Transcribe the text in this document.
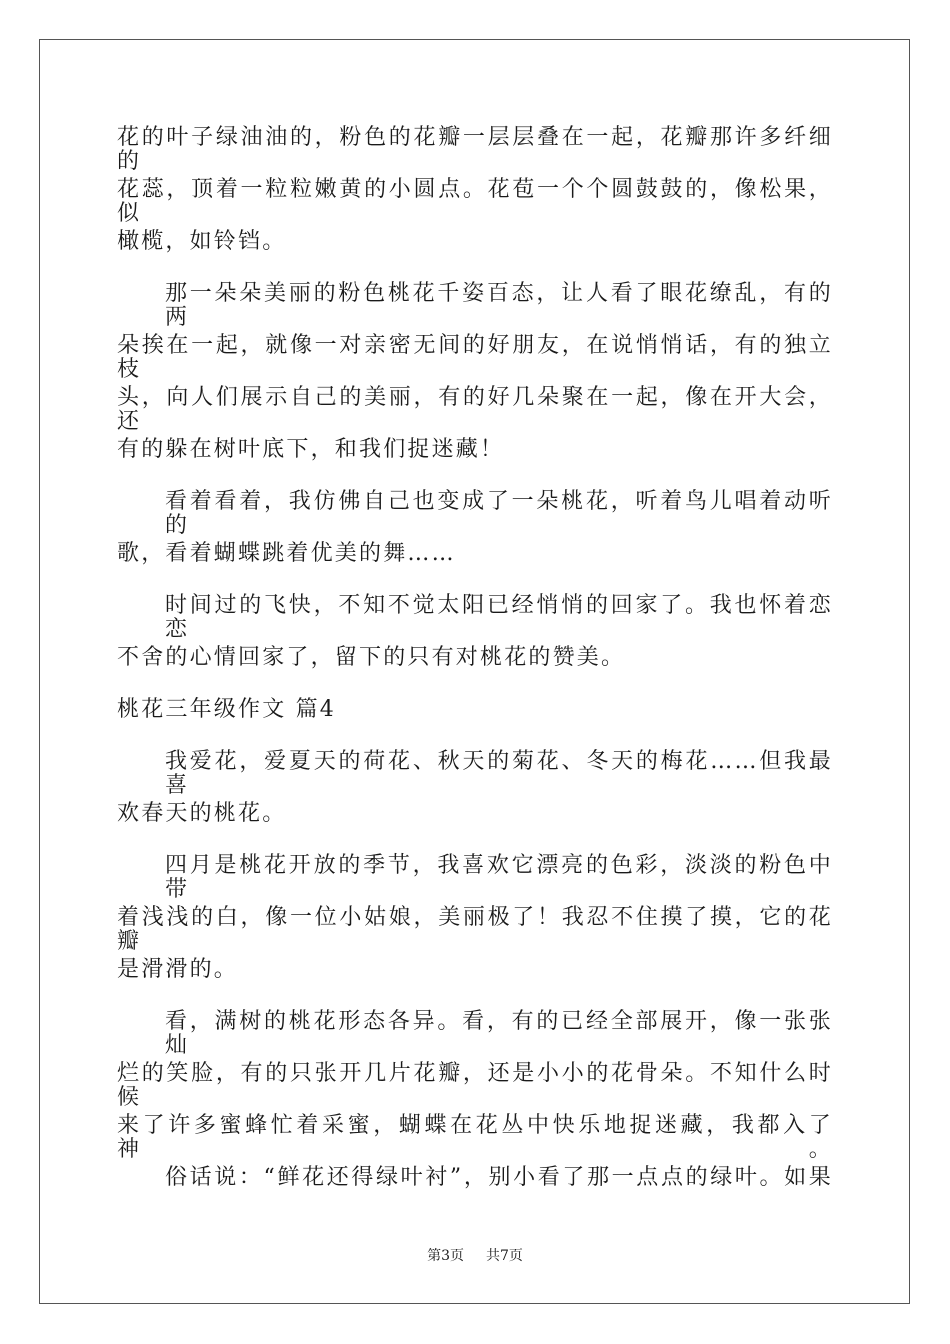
花的叶子绿油油的，粉色的花瓣一层层叠在一起，花瓣那许多纤细的
花蕊，顶着一粒粒嫩黄的小圆点。花苞一个个圆鼓鼓的，像松果，似
橄榄，如铃铛。
那一朵朵美丽的粉色桃花千姿百态，让人看了眼花缭乱，有的两
朵挨在一起，就像一对亲密无间的好朋友，在说悄悄话，有的独立枝
头，向人们展示自己的美丽，有的好几朵聚在一起，像在开大会，还
有的躲在树叶底下，和我们捉迷藏！
看着看着，我仿佛自己也变成了一朵桃花，听着鸟儿唱着动听的
歌，看着蝴蝶跳着优美的舞……
时间过的飞快，不知不觉太阳已经悄悄的回家了。我也怀着恋恋
不舍的心情回家了，留下的只有对桃花的赞美。
桃花三年级作文 篇4
我爱花，爱夏天的荷花、秋天的菊花、冬天的梅花……但我最喜
欢春天的桃花。
四月是桃花开放的季节，我喜欢它漂亮的色彩，淡淡的粉色中带
着浅浅的白，像一位小姑娘，美丽极了！我忍不住摸了摸，它的花瓣
是滑滑的。
看，满树的桃花形态各异。看，有的已经全部展开，像一张张灿
烂的笑脸，有的只张开几片花瓣，还是小小的花骨朵。不知什么时候
来了许多蜜蜂忙着采蜜，蝴蝶在花丛中快乐地捉迷藏，我都入了神。
俗话说：“鲜花还得绿叶衬”，别小看了那一点点的绿叶。如果
第3页 共7页
